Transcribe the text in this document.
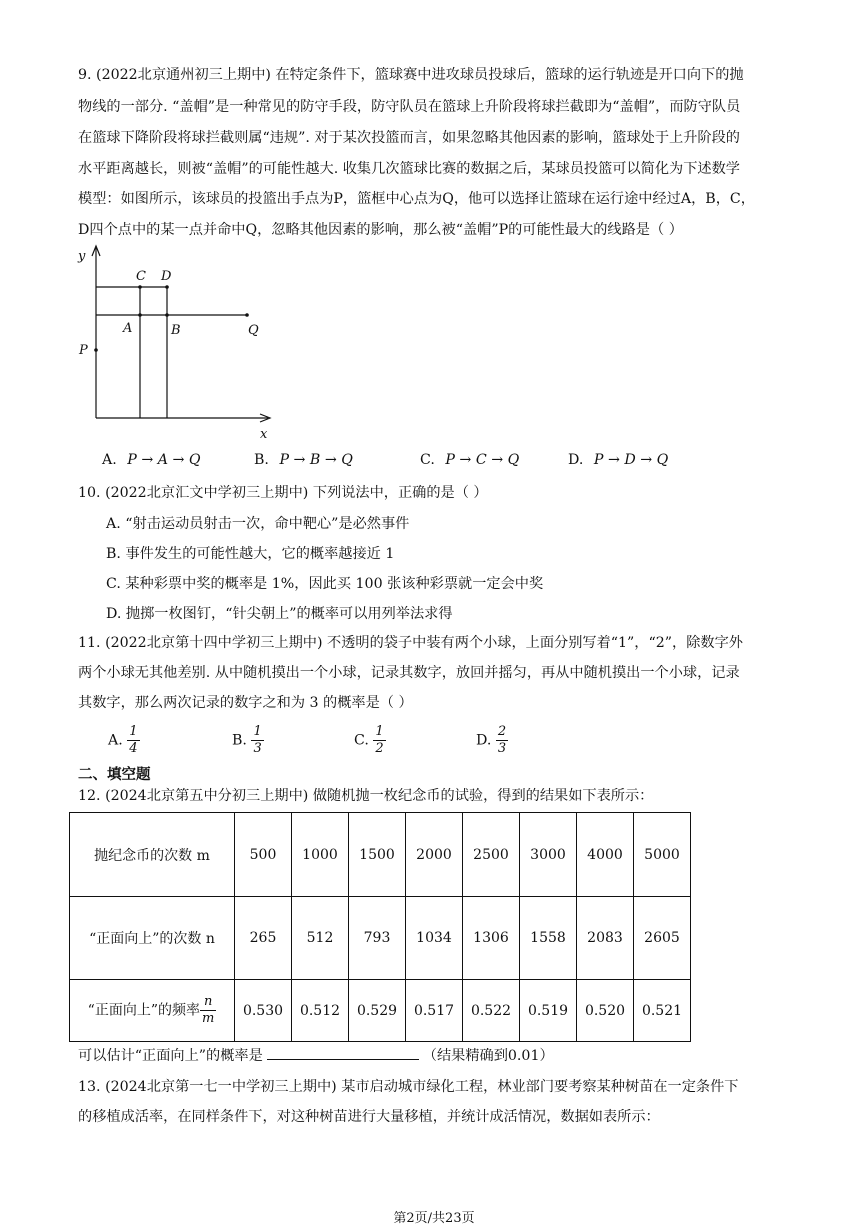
9. (2022北京通州初三上期中) 在特定条件下，篮球赛中进攻球员投球后，篮球的运行轨迹是开口向下的抛
物线的一部分. “盖帽”是一种常见的防守手段，防守队员在篮球上升阶段将球拦截即为“盖帽”，而防守队员
在篮球下降阶段将球拦截则属“违规”. 对于某次投篮而言，如果忽略其他因素的影响，篮球处于上升阶段的
水平距离越长，则被“盖帽”的可能性越大. 收集几次篮球比赛的数据之后，某球员投篮可以简化为下述数学
模型：如图所示，该球员的投篮出手点为P，篮框中心点为Q，他可以选择让篮球在运行途中经过A，B，C，
D四个点中的某一点并命中Q，忽略其他因素的影响，那么被“盖帽”P的可能性最大的线路是（ ）
y
x
C D
A	B	Q
P
A. P → A → Q	B. P → B → Q	C. P → C → Q	D. P → D → Q
10. (2022北京汇文中学初三上期中) 下列说法中，正确的是（ ）
A. “射击运动员射击一次，命中靶心”是必然事件
B. 事件发生的可能性越大，它的概率越接近 1
C. 某种彩票中奖的概率是 1%，因此买 100 张该种彩票就一定会中奖
D. 抛掷一枚图钉，“针尖朝上”的概率可以用列举法求得
11. (2022北京第十四中学初三上期中) 不透明的袋子中装有两个小球，上面分别写着“1”，“2”，除数字外
两个小球无其他差别. 从中随机摸出一个小球，记录其数字，放回并摇匀，再从中随机摸出一个小球，记录
其数字，那么两次记录的数字之和为 3 的概率是（ ）
A. $\frac{1}{4}$	B. $\frac{1}{3}$	C. $\frac{1}{2}$	D. $\frac{2}{3}$
二、填空题
12. (2024北京第五中分初三上期中) 做随机抛一枚纪念币的试验，得到的结果如下表所示：
抛纪念币的次数 m	500	1000	1500	2000	2500	3000	4000	5000
“正面向上”的次数 n	265	512	793	1034	1306	1558	2083	2605
“正面向上”的频率 $\frac{n}{m}$	0.530	0.512	0.529	0.517	0.522	0.519	0.520	0.521
可以估计“正面向上”的概率是	（结果精确到0.01）
13. (2024北京第一七一中学初三上期中) 某市启动城市绿化工程，林业部门要考察某种树苗在一定条件下
的移植成活率，在同样条件下，对这种树苗进行大量移植，并统计成活情况，数据如表所示：
第2页/共23页
